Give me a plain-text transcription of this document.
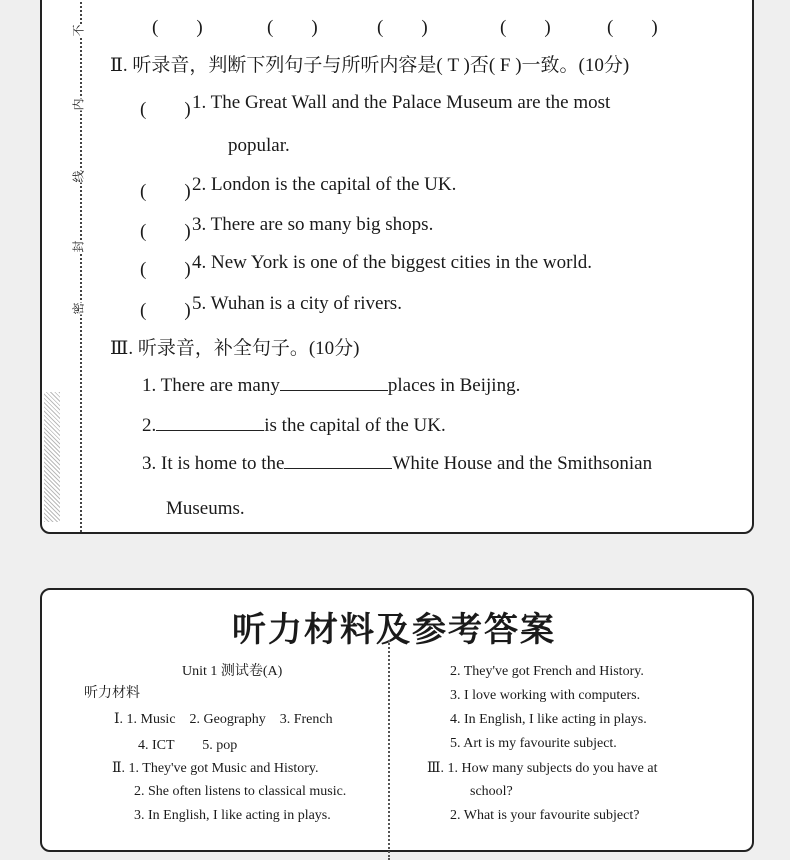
不
内
线
封
密
(　　)	(　　)	(　　)	(　　)	(　　)
Ⅱ. 听录音，判断下列句子与所听内容是( T )否( F )一致。(10分)
(　　) 1. The Great Wall and the Palace Museum are the most
popular.
(　　) 2. London is the capital of the UK.
(　　) 3. There are so many big shops.
(　　) 4. New York is one of the biggest cities in the world.
(　　) 5. Wuhan is a city of rivers.
Ⅲ. 听录音，补全句子。(10分)
1. There are many	places in Beijing.
2.	is the capital of the UK.
3. It is home to the	White House and the Smithsonian
Museums.
听力材料及参考答案
Unit 1 测试卷(A)
听力材料
Ⅰ. 1. Music　2. Geography　3. French
4. ICT　　5. pop
Ⅱ. 1. They've got Music and History.
2. She often listens to classical music.
3. In English, I like acting in plays.
2. They've got French and History.
3. I love working with computers.
4. In English, I like acting in plays.
5. Art is my favourite subject.
Ⅲ. 1. How many subjects do you have at
school?
2. What is your favourite subject?
